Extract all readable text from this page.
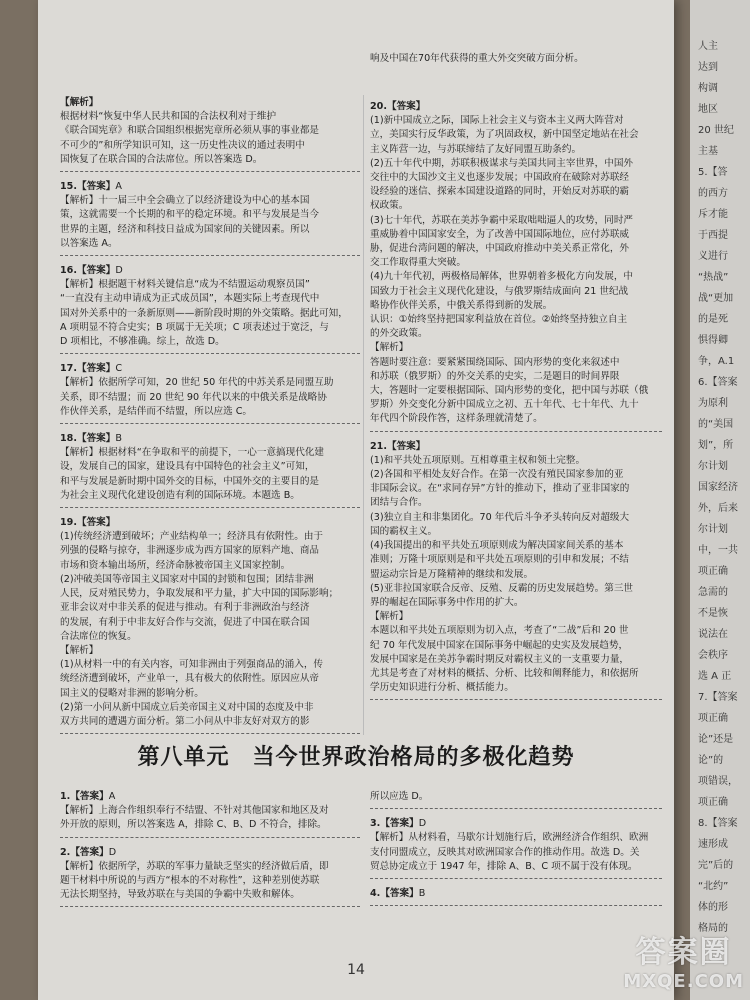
响及中国在70年代获得的重大外交突破方面分析。
【解析】
根据材料“恢复中华人民共和国的合法权利对于维护
《联合国宪章》和联合国组织根据宪章所必须从事的事业都是
不可少的”和所学知识可知，这一历史性决议的通过表明中
国恢复了在联合国的合法席位。所以答案选 D。
15.【答案】A
【解析】十一届三中全会确立了以经济建设为中心的基本国
策，这就需要一个长期的和平的稳定环境。和平与发展是当今
世界的主题，经济和科技日益成为国家间的关键因素。所以
以答案选 A。
16.【答案】D
【解析】根据题干材料关键信息“成为不结盟运动观察员国”
“一直没有主动申请成为正式成员国”，本题实际上考查现代中
国对外关系中的一条新原则——新阶段时期的外交策略。据此可知，
A 项明显不符合史实；B 项属于无关项；C 项表述过于宽泛，与
D 项相比，不够准确。综上，故选 D。
17.【答案】C
【解析】依据所学可知，20 世纪 50 年代的中苏关系是同盟互助
关系，即不结盟；而 20 世纪 90 年代以来的中俄关系是战略协
作伙伴关系，是结伴而不结盟，所以应选 C。
18.【答案】B
【解析】根据材料“在争取和平的前提下，一心一意搞现代化建
设，发展自己的国家，建设具有中国特色的社会主义”可知，
和平与发展是新时期中国外交的目标，中国外交的主要目的是
为社会主义现代化建设创造有利的国际环境。本题选 B。
19.【答案】
(1)传统经济遭到破坏；产业结构单一；经济具有依附性。由于
列强的侵略与掠夺，非洲逐步成为西方国家的原料产地、商品
市场和资本输出场所，经济命脉被帝国主义国家控制。
(2)冲破美国等帝国主义国家对中国的封锁和包围；团结非洲
人民，反对殖民势力，争取发展和平力量，扩大中国的国际影响；
亚非会议对中非关系的促进与推动。有利于非洲政治与经济
的发展，有利于中非友好合作与交流，促进了中国在联合国
合法席位的恢复。
【解析】
(1)从材料一中的有关内容，可知非洲由于列强商品的涌入，传
统经济遭到破坏，产业单一，具有极大的依附性。原因应从帝
国主义的侵略对非洲的影响分析。
(2)第一小问从新中国成立后美帝国主义对中国的态度及中非
双方共同的遭遇方面分析。第二小问从中非友好对双方的影
20.【答案】
(1)新中国成立之际，国际上社会主义与资本主义两大阵营对
立，美国实行反华政策，为了巩固政权，新中国坚定地站在社会
主义阵营一边，与苏联缔结了友好同盟互助条约。
(2)五十年代中期，苏联积极谋求与美国共同主宰世界，中国外
交往中的大国沙文主义也逐步发展；中国政府在破除对苏联经
设经验的迷信、探索本国建设道路的同时，开始反对苏联的霸
权政策。
(3)七十年代，苏联在美苏争霸中采取咄咄逼人的攻势，同时严
重威胁着中国国家安全，为了改善中国国际地位，应付苏联威
胁，促进台湾问题的解决，中国政府推动中美关系正常化，外
交工作取得重大突破。
(4)九十年代初，两极格局解体，世界朝着多极化方向发展，中
国致力于社会主义现代化建设，与俄罗斯结成面向 21 世纪战
略协作伙伴关系，中俄关系得到新的发展。
认识：①始终坚持把国家利益放在首位。②始终坚持独立自主
的外交政策。
【解析】
答题时要注意：要紧紧围绕国际、国内形势的变化来叙述中
和苏联（俄罗斯）的外交关系的史实，二是题目的时间界限
大，答题时一定要根据国际、国内形势的变化，把中国与苏联（俄
罗斯）外交变化分新中国成立之初、五十年代、七十年代、九十
年代四个阶段作答，这样条理就清楚了。
21.【答案】
(1)和平共处五项原则。互相尊重主权和领土完整。
(2)各国和平相处友好合作。在第一次没有殖民国家参加的亚
非国际会议。在“求同存异”方针的推动下，推动了亚非国家的
团结与合作。
(3)独立自主和非集团化。70 年代后斗争矛头转向反对超级大
国的霸权主义。
(4)我国提出的和平共处五项原则成为解决国家间关系的基本
准则；万隆十项原则是和平共处五项原则的引申和发展；不结
盟运动宗旨是万隆精神的继续和发展。
(5)亚非拉国家联合反帝、反殖、反霸的历史发展趋势。第三世
界的崛起在国际事务中作用的扩大。
【解析】
本题以和平共处五项原则为切入点，考查了“二战”后和 20 世
纪 70 年代发展中国家在国际事务中崛起的史实及发展趋势，
发展中国家是在美苏争霸时期反对霸权主义的一支重要力量，
尤其是考查了对材料的概括、分析、比较和阐释能力，和依据所
学历史知识进行分析、概括能力。
第八单元　当今世界政治格局的多极化趋势
1.【答案】A
【解析】上海合作组织奉行不结盟、不针对其他国家和地区及对
外开放的原则，所以答案选 A，排除 C、B、D 不符合，排除。
2.【答案】D
【解析】依据所学，苏联的军事力量缺乏坚实的经济做后盾，即
题干材料中所说的与西方“根本的不对称性”，这种差别使苏联
无法长期坚持，导致苏联在与美国的争霸中失败和解体。
所以应选 D。
3.【答案】D
【解析】从材料看，马歇尔计划施行后，欧洲经济合作组织、欧洲
支付同盟成立，反映其对欧洲国家合作的推动作用。故选 D。关
贸总协定成立于 1947 年，排除 A、B、C 项不属于没有体现。
4.【答案】B
14
人主
达到
构调
地区
20 世纪
主基
5.【答
的西方
斥才能
于西提
义进行
“热战”
战“更加
的是死
惧得卿
争，A.1
6.【答案
为原利
的“美国
划”，所
尔计划
国家经济
外，后来
尔计划
中，一共
项正确
急需的
不是恢
说法在
会秩序
选 A 正
7.【答案
项正确
论”还是
论”的
项错误，
项正确
8.【答案
速形成
完”后的
“北约”
体的形
格局的
答案圈
MXQE.COM
